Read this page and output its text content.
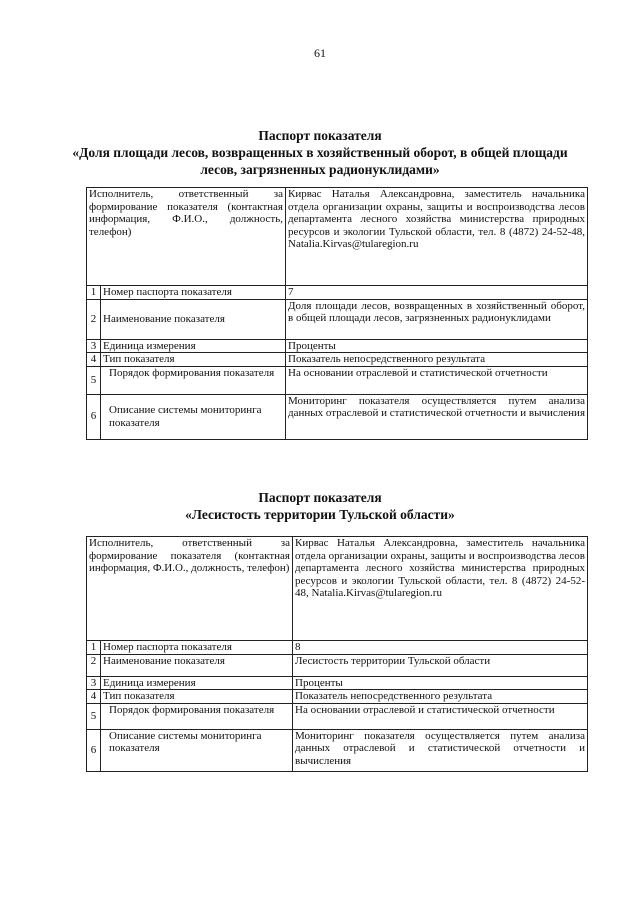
61
Паспорт показателя
«Доля площади лесов, возвращенных в хозяйственный оборот, в общей площади лесов, загрязненных радионуклидами»
Исполнитель, ответственный за формирование показателя (контактная информация, Ф.И.О., должность, телефон)		Кирвас Наталья Александровна, заместитель начальника отдела организации охраны, защиты и воспроизводства лесов департамента лесного хозяйства министерства природных ресурсов и экологии Тульской области, тел. 8 (4872) 24-52-48, Natalia.Kirvas@tularegion.ru
1	Номер паспорта показателя	7
2	Наименование показателя	Доля площади лесов, возвращенных в хозяйственный оборот, в общей площади лесов, загрязненных радионуклидами
3	Единица измерения	Проценты
4	Тип показателя	Показатель непосредственного результата
5	Порядок формирования показателя	На основании отраслевой и статистической отчетности
6	Описание системы мониторинга показателя	Мониторинг показателя осуществляется путем анализа данных отраслевой и статистической отчетности и вычисления
Паспорт показателя
«Лесистость территории Тульской области»
Исполнитель, ответственный за формирование показателя (контактная информация, Ф.И.О., должность, телефон)		Кирвас Наталья Александровна, заместитель начальника отдела организации охраны, защиты и воспроизводства лесов департамента лесного хозяйства министерства природных ресурсов и экологии Тульской области, тел. 8 (4872) 24-52-48, Natalia.Kirvas@tularegion.ru
1	Номер паспорта показателя	8
2	Наименование показателя	Лесистость территории Тульской области
3	Единица измерения	Проценты
4	Тип показателя	Показатель непосредственного результата
5	Порядок формирования показателя	На основании отраслевой и статистической отчетности
6	Описание системы мониторинга показателя	Мониторинг показателя осуществляется путем анализа данных отраслевой и статистической отчетности и вычисления
